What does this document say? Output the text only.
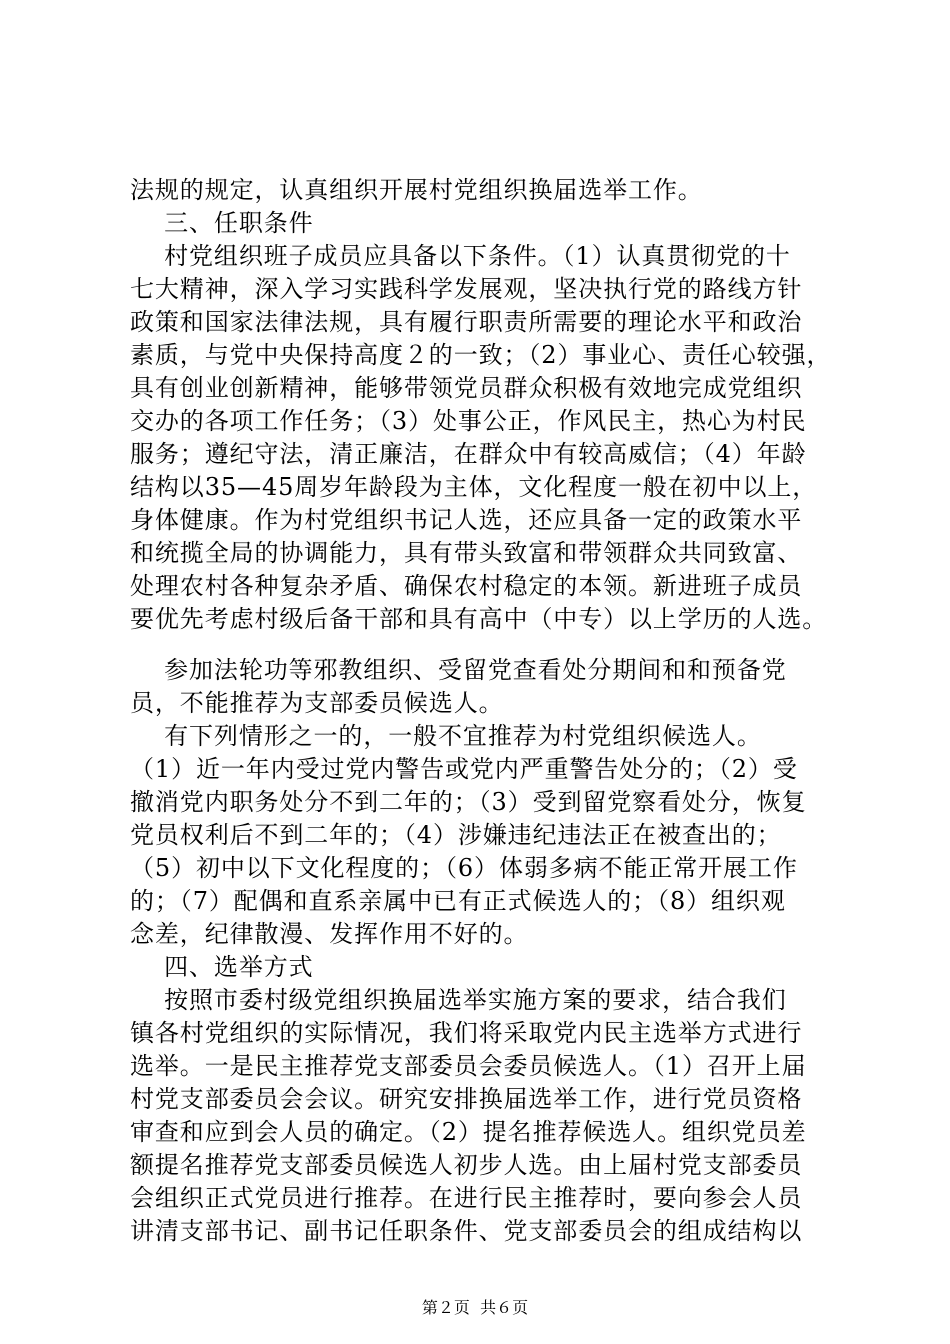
法规的规定，认真组织开展村党组织换届选举工作。
三、任职条件
村党组织班子成员应具备以下条件。（1）认真贯彻党的十
七大精神，深入学习实践科学发展观，坚决执行党的路线方针
政策和国家法律法规，具有履行职责所需要的理论水平和政治
素质，与党中央保持高度２的一致；（2）事业心、责任心较强，
具有创业创新精神，能够带领党员群众积极有效地完成党组织
交办的各项工作任务；（3）处事公正，作风民主，热心为村民
服务；遵纪守法，清正廉洁，在群众中有较高威信；（4）年龄
结构以35—45周岁年龄段为主体，文化程度一般在初中以上，
身体健康。作为村党组织书记人选，还应具备一定的政策水平
和统揽全局的协调能力，具有带头致富和带领群众共同致富、
处理农村各种复杂矛盾、确保农村稳定的本领。新进班子成员
要优先考虑村级后备干部和具有高中（中专）以上学历的人选。
参加法轮功等邪教组织、受留党查看处分期间和和预备党
员，不能推荐为支部委员候选人。
有下列情形之一的，一般不宜推荐为村党组织候选人。
（1）近一年内受过党内警告或党内严重警告处分的；（2）受
撤消党内职务处分不到二年的；（3）受到留党察看处分，恢复
党员权利后不到二年的；（4）涉嫌违纪违法正在被查出的；
（5）初中以下文化程度的；（6）体弱多病不能正常开展工作
的；（7）配偶和直系亲属中已有正式候选人的；（8）组织观
念差，纪律散漫、发挥作用不好的。
四、选举方式
按照市委村级党组织换届选举实施方案的要求，结合我们
镇各村党组织的实际情况，我们将采取党内民主选举方式进行
选举。一是民主推荐党支部委员会委员候选人。（1）召开上届
村党支部委员会会议。研究安排换届选举工作，进行党员资格
审查和应到会人员的确定。（2）提名推荐候选人。组织党员差
额提名推荐党支部委员候选人初步人选。由上届村党支部委员
会组织正式党员进行推荐。在进行民主推荐时，要向参会人员
讲清支部书记、副书记任职条件、党支部委员会的组成结构以
第２页  共６页
